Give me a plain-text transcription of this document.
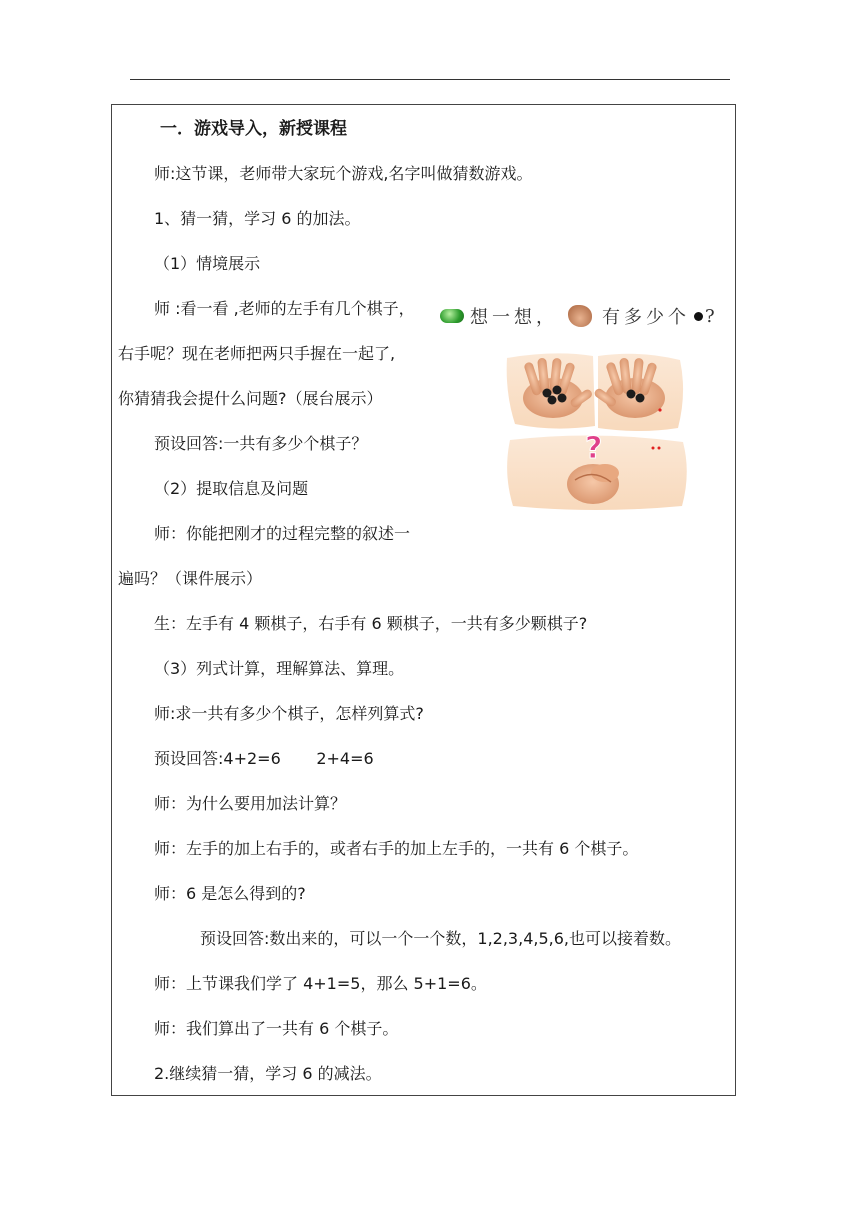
一．游戏导入，新授课程
师:这节课，老师带大家玩个游戏,名字叫做猜数游戏。
1、猜一猜，学习 6 的加法。
（1）情境展示
师 :看一看 ,老师的左手有几个棋子，
右手呢？现在老师把两只手握在一起了,
你猜猜我会提什么问题?（展台展示）
预设回答:一共有多少个棋子？
（2）提取信息及问题
师：你能把刚才的过程完整的叙述一
遍吗？（课件展示）
生：左手有 4 颗棋子，右手有 6 颗棋子，一共有多少颗棋子?
（3）列式计算，理解算法、算理。
师:求一共有多少个棋子，怎样列算式?
预设回答:4+2=6       2+4=6
师：为什么要用加法计算？
师：左手的加上右手的，或者右手的加上左手的，一共有 6 个棋子。
师：6 是怎么得到的?
预设回答:数出来的，可以一个一个数，1,2,3,4,5,6,也可以接着数。
师：上节课我们学了 4+1=5，那么 5+1=6。
师：我们算出了一共有 6 个棋子。
2.继续猜一猜，学习 6 的减法。
想一想， 有多少个 ?
?
